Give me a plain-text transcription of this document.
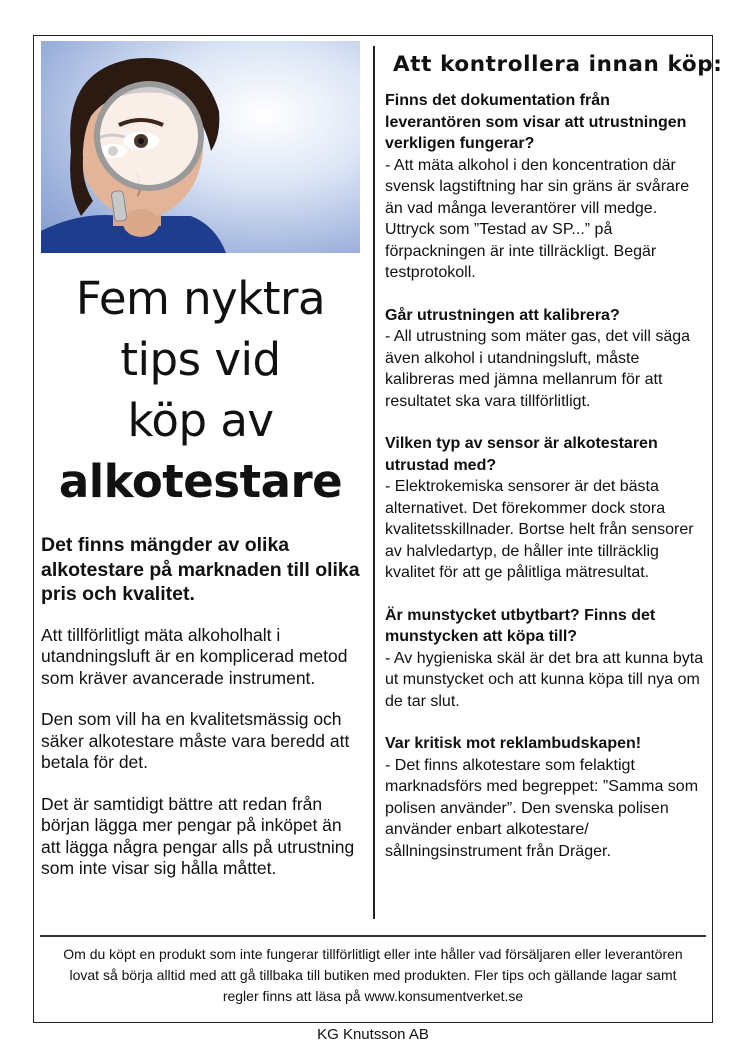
Fem nyktra
tips vid
köp av
alkotestare

Det finns mängder av olika alkotestare på marknaden till olika pris och kvalitet.

Att tillförlitligt mäta alkoholhalt i utandningsluft är en komplicerad metod som kräver avancerade instrument.

Den som vill ha en kvalitetsmässig och säker alkotestare måste vara beredd att betala för det.

Det är samtidigt bättre att redan från början lägga mer pengar på inköpet än att lägga några pengar alls på utrustning som inte visar sig hålla måttet.

Att kontrollera innan köp:
Finns det dokumentation från leverantören som visar att utrustningen verkligen fungerar?
- Att mäta alkohol i den koncentration där svensk lagstiftning har sin gräns är svårare än vad många leverantörer vill medge. Uttryck som ”Testad av SP...” på förpackningen är inte tillräckligt. Begär testprotokoll.
Går utrustningen att kalibrera?
- All utrustning som mäter gas, det vill säga även alkohol i utandningsluft, måste kalibreras med jämna mellanrum för att resultatet ska vara tillförlitligt.
Vilken typ av sensor är alkotestaren utrustad med?
- Elektrokemiska sensorer är det bästa alternativet. Det förekommer dock stora kvalitetsskillnader. Bortse helt från sensorer av halvledartyp, de håller inte tillräcklig kvalitet för att ge pålitliga mätresultat.
Är munstycket utbytbart? Finns det munstycken att köpa till?
- Av hygieniska skäl är det bra att kunna byta ut munstycket och att kunna köpa till nya om de tar slut.
Var kritisk mot reklambudskapen!
- Det finns alkotestare som felaktigt marknadsförs med begreppet: ”Samma som polisen använder”. Den svenska polisen använder enbart alkotestare/ sållningsinstrument från Dräger.
Om du köpt en produkt som inte fungerar tillförlitligt eller inte håller vad försäljaren eller leverantören lovat så börja alltid med att gå tillbaka till butiken med produkten. Fler tips och gällande lagar samt regler finns att läsa på www.konsumentverket.se
KG Knutsson AB
